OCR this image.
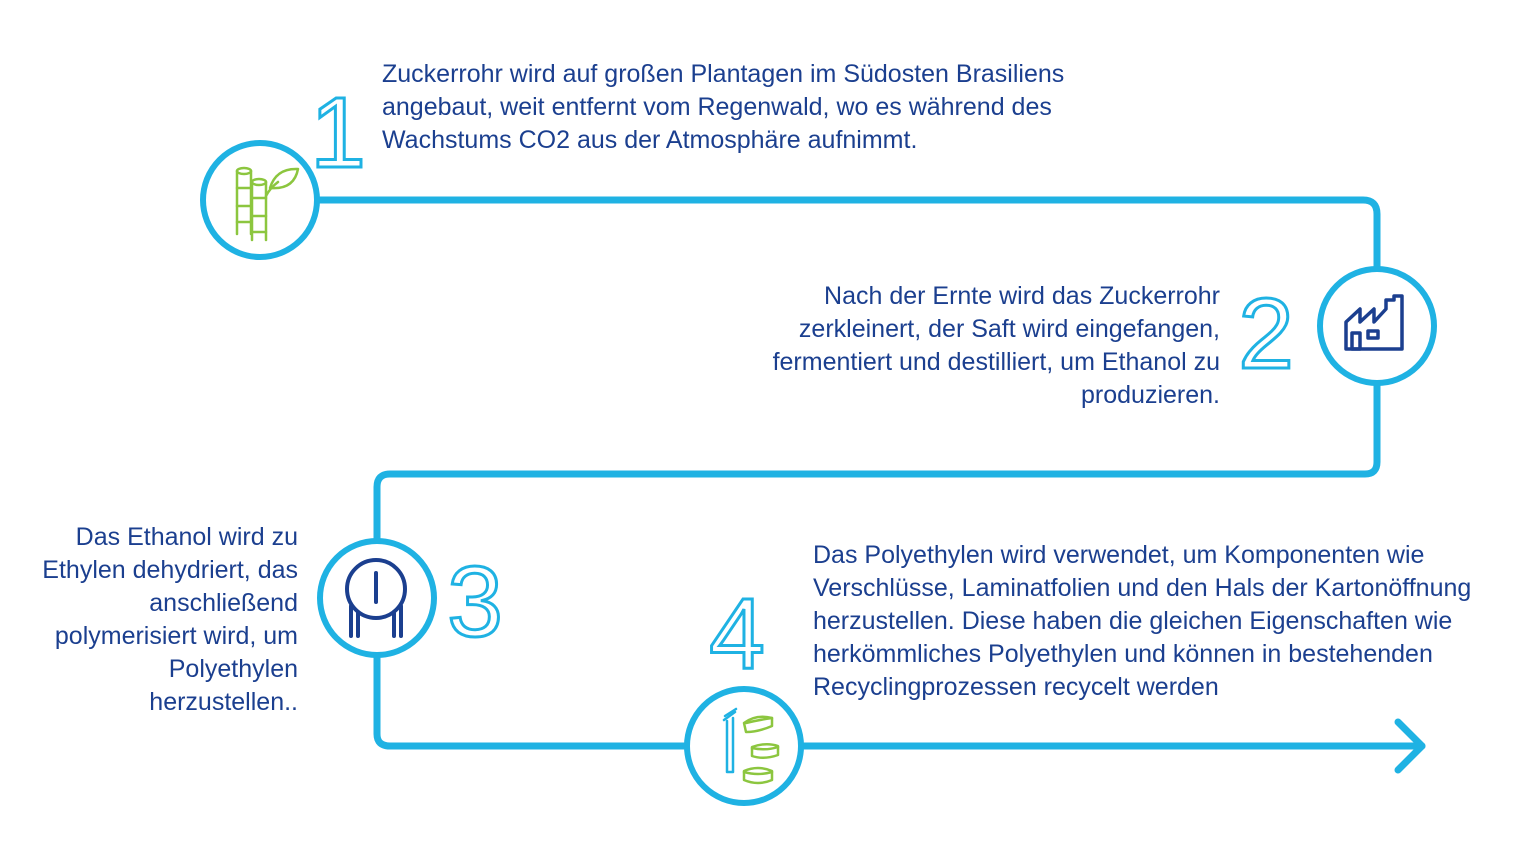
1
2
3 4

Zuckerrohr wird auf großen Plantagen im Südosten Brasiliens angebaut, weit entfernt vom Regenwald, wo es während des Wachstums CO2 aus der Atmosphäre aufnimmt.

Nach der Ernte wird das Zuckerrohr zerkleinert, der Saft wird eingefangen, fermentiert und destilliert, um Ethanol zu produzieren.

Das Ethanol wird zu Ethylen dehydriert, das anschließend polymerisiert wird, um Polyethylen herzustellen..

Das Polyethylen wird verwendet, um Komponenten wie Verschlüsse, Laminatfolien und den Hals der Kartonöffnung herzustellen. Diese haben die gleichen Eigenschaften wie herkömmliches Polyethylen und können in bestehenden Recyclingprozessen recycelt werden
